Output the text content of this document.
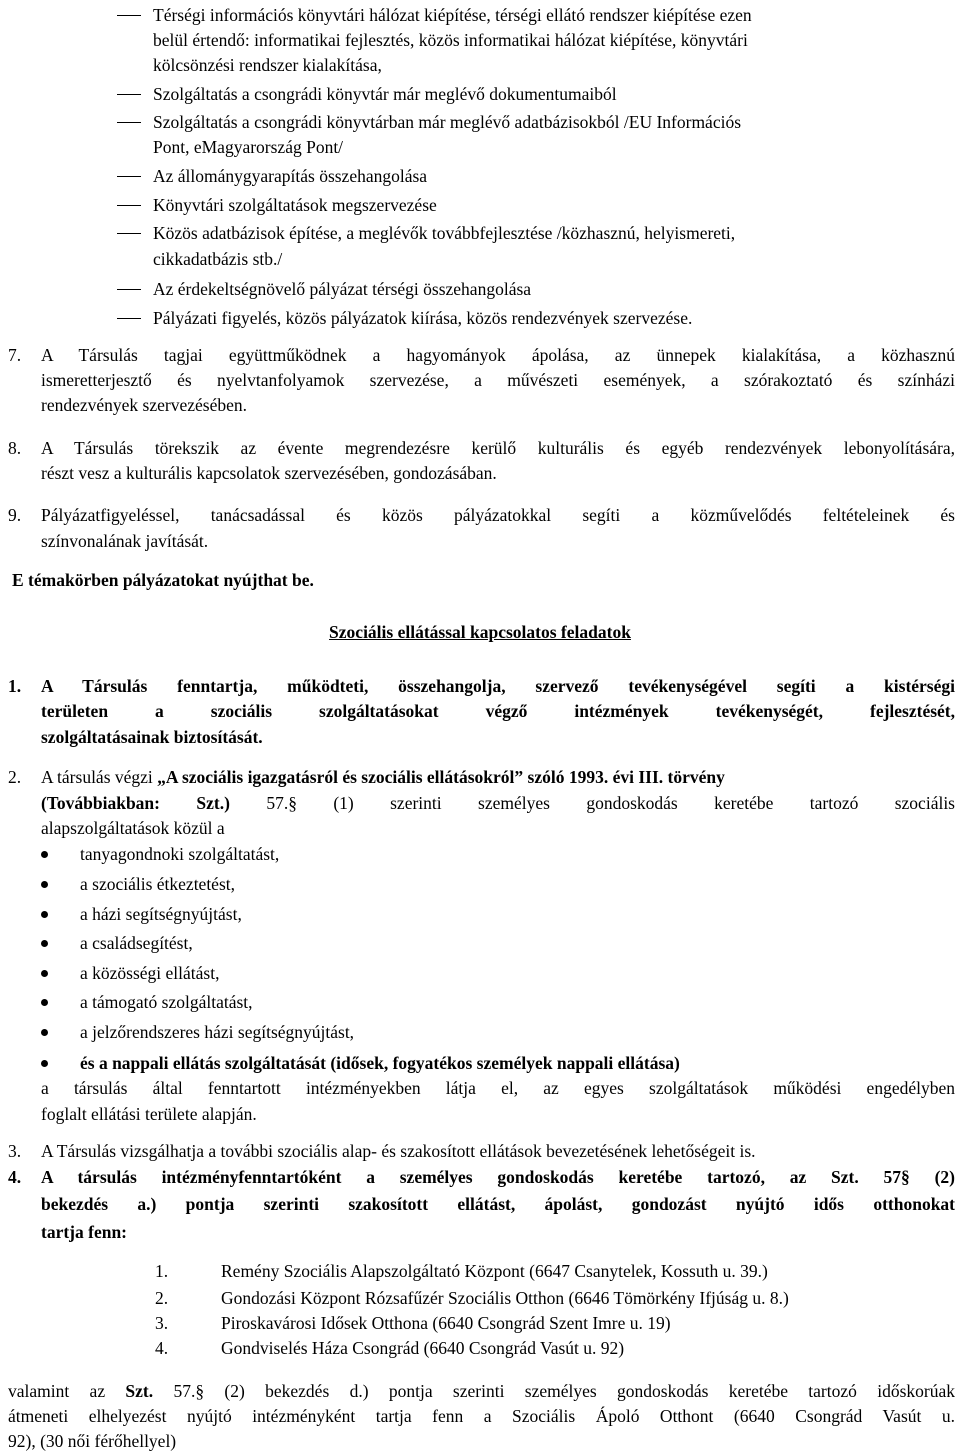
Térségi információs könyvtári hálózat kiépítése, térségi ellátó rendszer kiépítése ezen
belül értendő: informatikai fejlesztés, közös informatikai hálózat kiépítése, könyvtári
kölcsönzési rendszer kialakítása,
Szolgáltatás a csongrádi könyvtár már meglévő dokumentumaiból
Szolgáltatás a csongrádi könyvtárban már meglévő adatbázisokból /EU Információs
Pont, eMagyarország Pont/
Az állománygyarapítás összehangolása
Könyvtári szolgáltatások megszervezése
Közös adatbázisok építése, a meglévők továbbfejlesztése /közhasznú, helyismereti,
cikkadatbázis stb./
Az érdekeltségnövelő pályázat térségi összehangolása
Pályázati figyelés, közös pályázatok kiírása, közös rendezvények szervezése.
7. A Társulás tagjai együttműködnek a hagyományok ápolása, az ünnepek kialakítása, a közhasznú
ismeretterjesztő és nyelvtanfolyamok szervezése, a művészeti események, a szórakoztató és színházi
rendezvények szervezésében.
8. A Társulás törekszik az évente megrendezésre kerülő kulturális és egyéb rendezvények lebonyolítására,
részt vesz a kulturális kapcsolatok szervezésében, gondozásában.
9. Pályázatfigyeléssel, tanácsadással és közös pályázatokkal segíti a közművelődés feltételeinek és
színvonalának javítását.
E témakörben pályázatokat nyújthat be.
Szociális ellátással kapcsolatos feladatok
1. A Társulás fenntartja, működteti, összehangolja, szervező tevékenységével segíti a kistérségi
területen a szociális szolgáltatásokat végző intézmények tevékenységét, fejlesztését,
szolgáltatásainak biztosítását.
2. A társulás végzi „A szociális igazgatásról és szociális ellátásokról” szóló 1993. évi III. törvény
(Továbbiakban: Szt.) 57.§ (1) szerinti személyes gondoskodás keretébe tartozó szociális
alapszolgáltatások közül a
tanyagondnoki szolgáltatást,
a szociális étkeztetést,
a házi segítségnyújtást,
a családsegítést,
a közösségi ellátást,
a támogató szolgáltatást,
a jelzőrendszeres házi segítségnyújtást,
és a nappali ellátás szolgáltatását (idősek, fogyatékos személyek nappali ellátása)
a társulás által fenntartott intézményekben látja el, az egyes szolgáltatások működési engedélyben
foglalt ellátási területe alapján.
3. A Társulás vizsgálhatja a további szociális alap- és szakosított ellátások bevezetésének lehetőségeit is.
4. A társulás intézményfenntartóként a személyes gondoskodás keretébe tartozó, az Szt. 57§ (2)
bekezdés a.) pontja szerinti szakosított ellátást, ápolást, gondozást nyújtó idős otthonokat
tartja fenn:
1.	Remény Szociális Alapszolgáltató Központ (6647 Csanytelek, Kossuth u. 39.)
2.	Gondozási Központ Rózsafűzér Szociális Otthon (6646 Tömörkény Ifjúság u. 8.)
3.	Piroskavárosi Idősek Otthona (6640 Csongrád Szent Imre u. 19)
4.	Gondviselés Háza Csongrád (6640 Csongrád Vasút u. 92)
valamint az Szt. 57.§ (2) bekezdés d.) pontja szerinti személyes gondoskodás keretébe tartozó időskorúak
átmeneti elhelyezést nyújtó intézményként tartja fenn a Szociális Ápoló Otthont (6640 Csongrád Vasút u.
92), (30 női férőhellyel)
